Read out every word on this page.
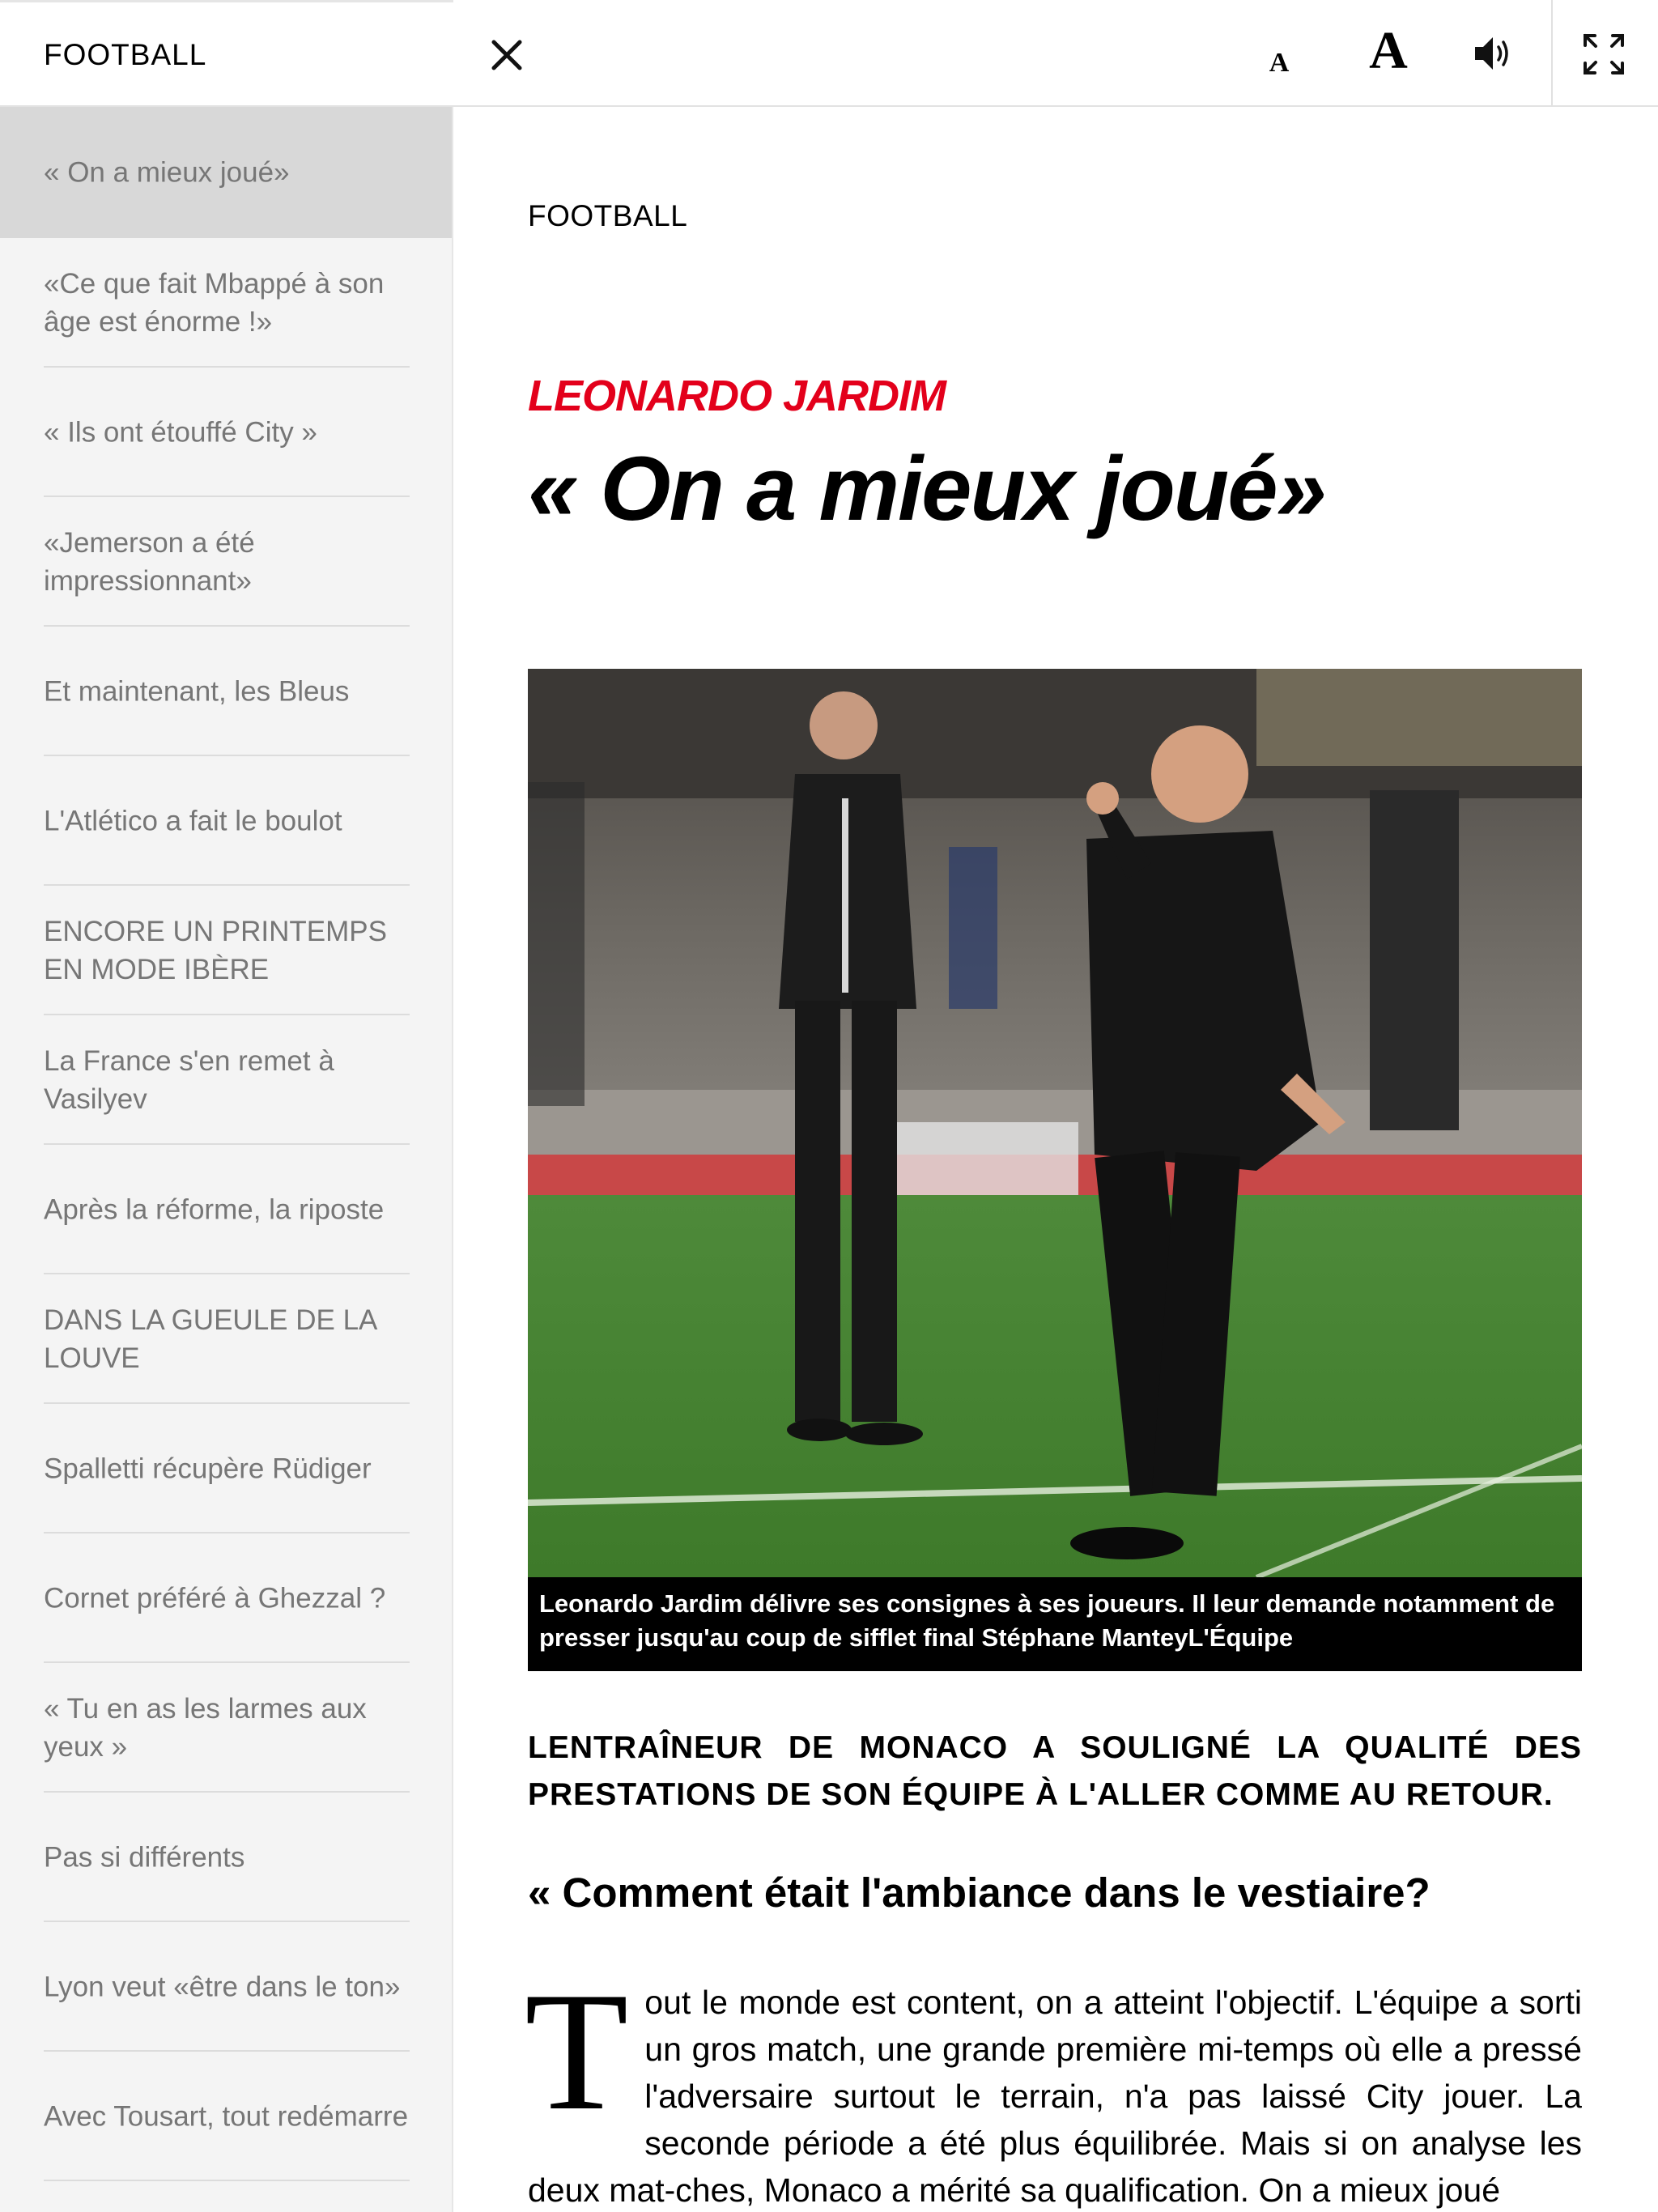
FOOTBALL	A A
« On a mieux joué»
«Ce que fait Mbappé à son âge est énorme !»
« Ils ont étouffé City »
«Jemerson a été impressionnant»
Et maintenant, les Bleus
L'Atlético a fait le boulot
ENCORE UN PRINTEMPS EN MODE IBÈRE
La France s'en remet à Vasilyev
Après la réforme, la riposte
DANS LA GUEULE DE LA LOUVE
Spalletti récupère Rüdiger
Cornet préféré à Ghezzal ?
« Tu en as les larmes aux yeux »
Pas si différents
Lyon veut «être dans le ton»
Avec Tousart, tout redémarre
FOOTBALL
LEONARDO JARDIM
« On a mieux joué»
Leonardo Jardim délivre ses consignes à ses joueurs. Il leur demande notamment de presser jusqu'au coup de sifflet final Stéphane ManteyL'Équipe
LENTRAÎNEUR DE MONACO A SOULIGNÉ LA QUALITÉ DES
PRESTATIONS DE SON ÉQUIPE À L'ALLER COMME AU RETOUR.
« Comment était l'ambiance dans le vestiaire?
T out le monde est content, on a atteint l'objectif. L'équipe a sorti un gros match, une grande première mi-temps où elle a pressé l'adversaire surtout le terrain, n'a pas laissé City jouer. La seconde période a été plus équilibrée. Mais si on analyse les deux mat-ches, Monaco a mérité sa qualification. On a mieux joué
